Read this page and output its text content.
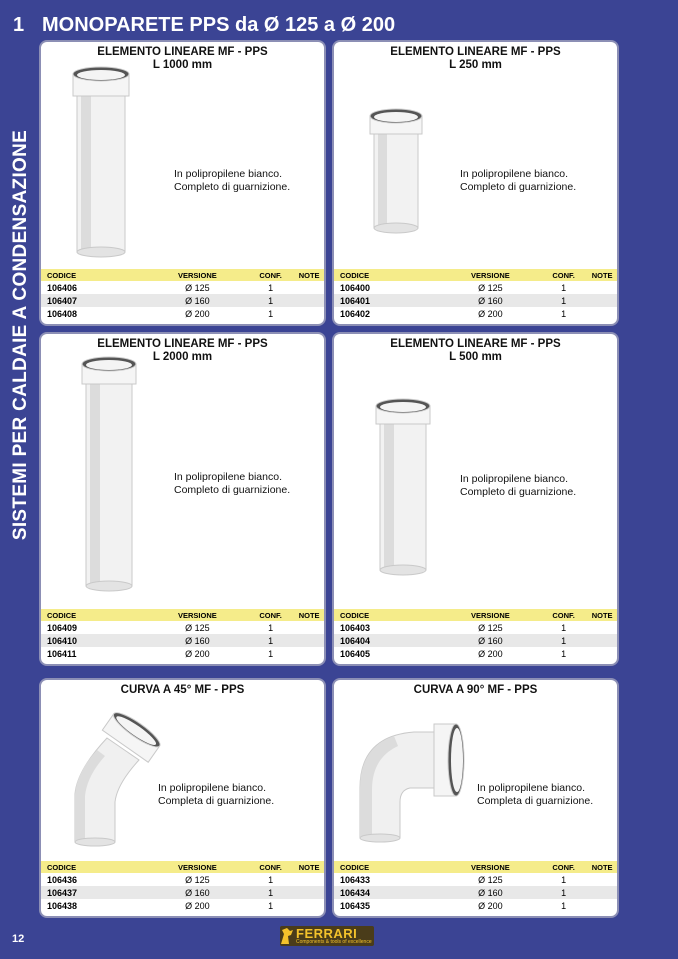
1 MONOPARETE PPS da Ø 125 a Ø 200
SISTEMI PER CALDAIE A CONDENSAZIONE
ELEMENTO LINEARE MF - PPS
L 1000 mm
In polipropilene bianco.
Completo di guarnizione.
CODICE	VERSIONE	CONF.	NOTE
106406	Ø 125	1
106407	Ø 160	1
106408	Ø 200	1
ELEMENTO LINEARE MF - PPS
L 250 mm
In polipropilene bianco.
Completo di guarnizione.
CODICE	VERSIONE	CONF.	NOTE
106400	Ø 125	1
106401	Ø 160	1
106402	Ø 200	1
ELEMENTO LINEARE MF - PPS
L 2000 mm
In polipropilene bianco.
Completo di guarnizione.
CODICE	VERSIONE	CONF.	NOTE
106409	Ø 125	1
106410	Ø 160	1
106411	Ø 200	1
ELEMENTO LINEARE MF - PPS
L 500 mm
In polipropilene bianco.
Completo di guarnizione.
CODICE	VERSIONE	CONF.	NOTE
106403	Ø 125	1
106404	Ø 160	1
106405	Ø 200	1
CURVA A 45° MF - PPS
In polipropilene bianco.
Completa di guarnizione.
CODICE	VERSIONE	CONF.	NOTE
106436	Ø 125	1
106437	Ø 160	1
106438	Ø 200	1
CURVA A 90° MF - PPS
In polipropilene bianco.
Completa di guarnizione.
CODICE	VERSIONE	CONF.	NOTE
106433	Ø 125	1
106434	Ø 160	1
106435	Ø 200	1
12	FERRARI
Components & tools of excellence
